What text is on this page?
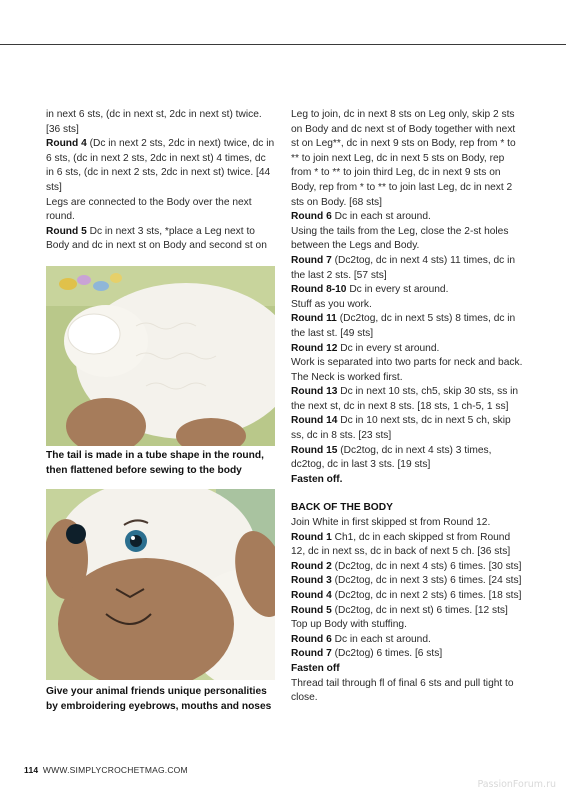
in next 6 sts, (dc in next st, 2dc in next st) twice. [36 sts]

Round 4 (Dc in next 2 sts, 2dc in next) twice, dc in 6 sts, (dc in next 2 sts, 2dc in next st) 4 times, dc in 6 sts, (dc in next 2 sts, 2dc in next st) twice. [44 sts]

Legs are connected to the Body over the next round.

Round 5 Dc in next 3 sts, *place a Leg next to Body and dc in next st on Body and second st on

The tail is made in a tube shape in the round, then flattened before sewing to the body
Give your animal friends unique personalities by embroidering eyebrows, mouths and noses

Leg to join, dc in next 8 sts on Leg only, skip 2 sts on Body and dc next st of Body together with next st on Leg**, dc in next 9 sts on Body, rep from * to ** to join next Leg, dc in next 5 sts on Body, rep from * to ** to join third Leg, dc in next 9 sts on Body, rep from * to ** to join last Leg, dc in next 2 sts on Body. [68 sts]

Round 6 Dc in each st around.

Using the tails from the Leg, close the 2-st holes between the Legs and Body.

Round 7 (Dc2tog, dc in next 4 sts) 11 times, dc in the last 2 sts. [57 sts]

Round 8-10 Dc in every st around.

Stuff as you work.

Round 11 (Dc2tog, dc in next 5 sts) 8 times, dc in the last st. [49 sts]

Round 12 Dc in every st around.

Work is separated into two parts for neck and back. The Neck is worked first.

Round 13 Dc in next 10 sts, ch5, skip 30 sts, ss in the next st, dc in next 8 sts. [18 sts, 1 ch-5, 1 ss]

Round 14 Dc in 10 next sts, dc in next 5 ch, skip ss, dc in 8 sts. [23 sts]

Round 15 (Dc2tog, dc in next 4 sts) 3 times, dc2tog, dc in last 3 sts. [19 sts]

Fasten off.

BACK OF THE BODY

Join White in first skipped st from Round 12.

Round 1 Ch1, dc in each skipped st from Round 12, dc in next ss, dc in back of next 5 ch. [36 sts]

Round 2 (Dc2tog, dc in next 4 sts) 6 times. [30 sts]

Round 3 (Dc2tog, dc in next 3 sts) 6 times. [24 sts]

Round 4 (Dc2tog, dc in next 2 sts) 6 times. [18 sts]

Round 5 (Dc2tog, dc in next st) 6 times. [12 sts]

Top up Body with stuffing.

Round 6 Dc in each st around.

Round 7 (Dc2tog) 6 times. [6 sts]

Fasten off

Thread tail through fl of final 6 sts and pull tight to close.

114 WWW.SIMPLYCROCHETMAG.COM
PassionForum.ru
